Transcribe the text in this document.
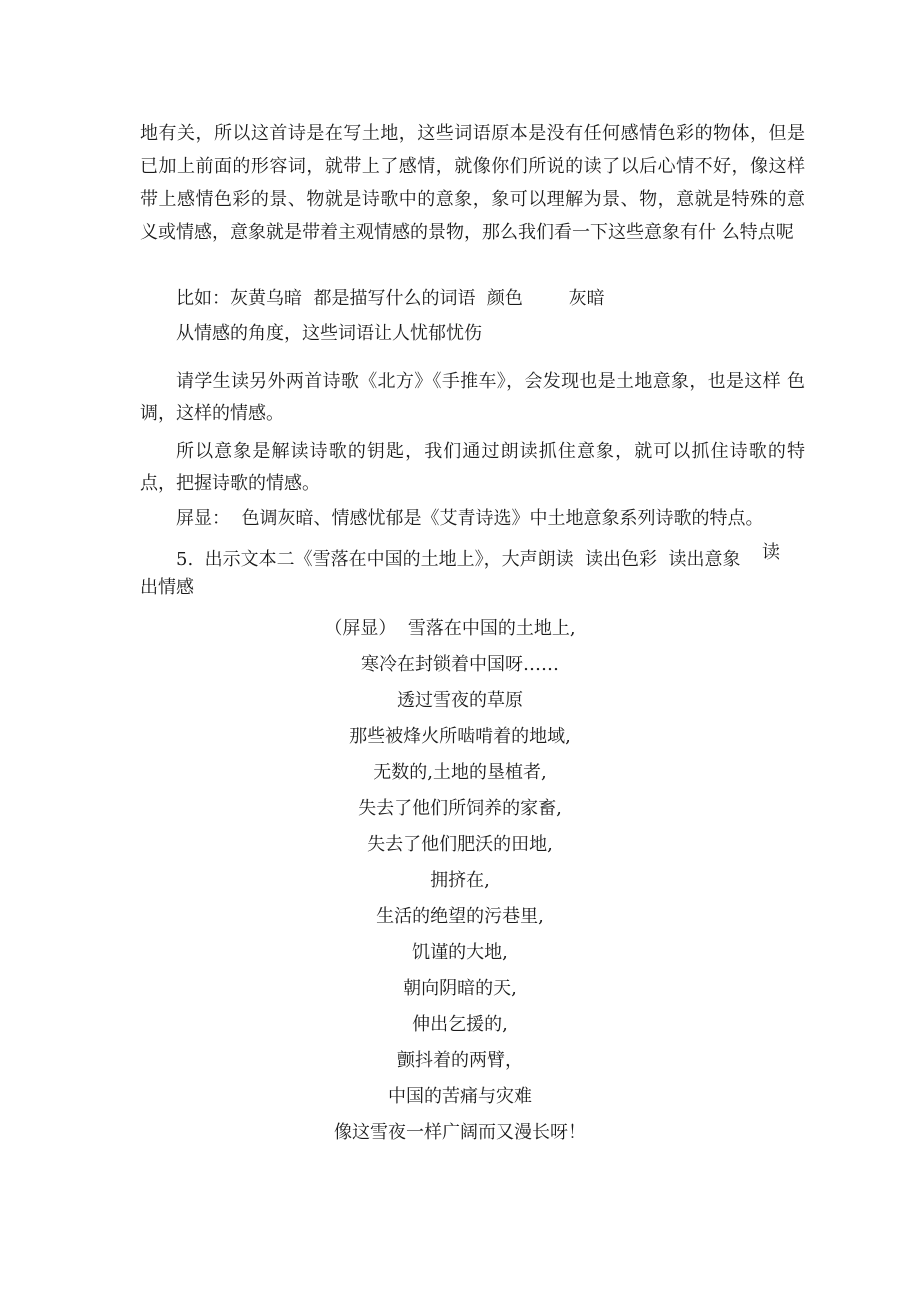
地有关，所以这首诗是在写土地，这些词语原本是没有任何感情色彩的物体，但是已加上前面的形容词，就带上了感情，就像你们所说的读了以后心情不好，像这样带上感情色彩的景、物就是诗歌中的意象，象可以理解为景、物，意就是特殊的意义或情感，意象就是带着主观情感的景物，那么我们看一下这些意象有什 么特点呢

比如：灰黄乌暗  都是描写什么的词语  颜色        灰暗

从情感的角度，这些词语让人忧郁忧伤

请学生读另外两首诗歌《北方》《手推车》，会发现也是土地意象，也是这样 色调，这样的情感。

所以意象是解读诗歌的钥匙，我们通过朗读抓住意象，就可以抓住诗歌的特点，把握诗歌的情感。

屏显：  色调灰暗、情感忧郁是《艾青诗选》中土地意象系列诗歌的特点。

5.  出示文本二《雪落在中国的土地上》，大声朗读  读出色彩  读出意象 读

出情感

（屏显） 雪落在中国的土地上,
寒冷在封锁着中国呀……
透过雪夜的草原
那些被烽火所啮啃着的地域,
无数的,土地的垦植者,
失去了他们所饲养的家畜,
失去了他们肥沃的田地,
拥挤在,
生活的绝望的污巷里,
饥谨的大地,
朝向阴暗的天,
伸出乞援的,
颤抖着的两臂，
中国的苦痛与灾难
像这雪夜一样广阔而又漫长呀！
